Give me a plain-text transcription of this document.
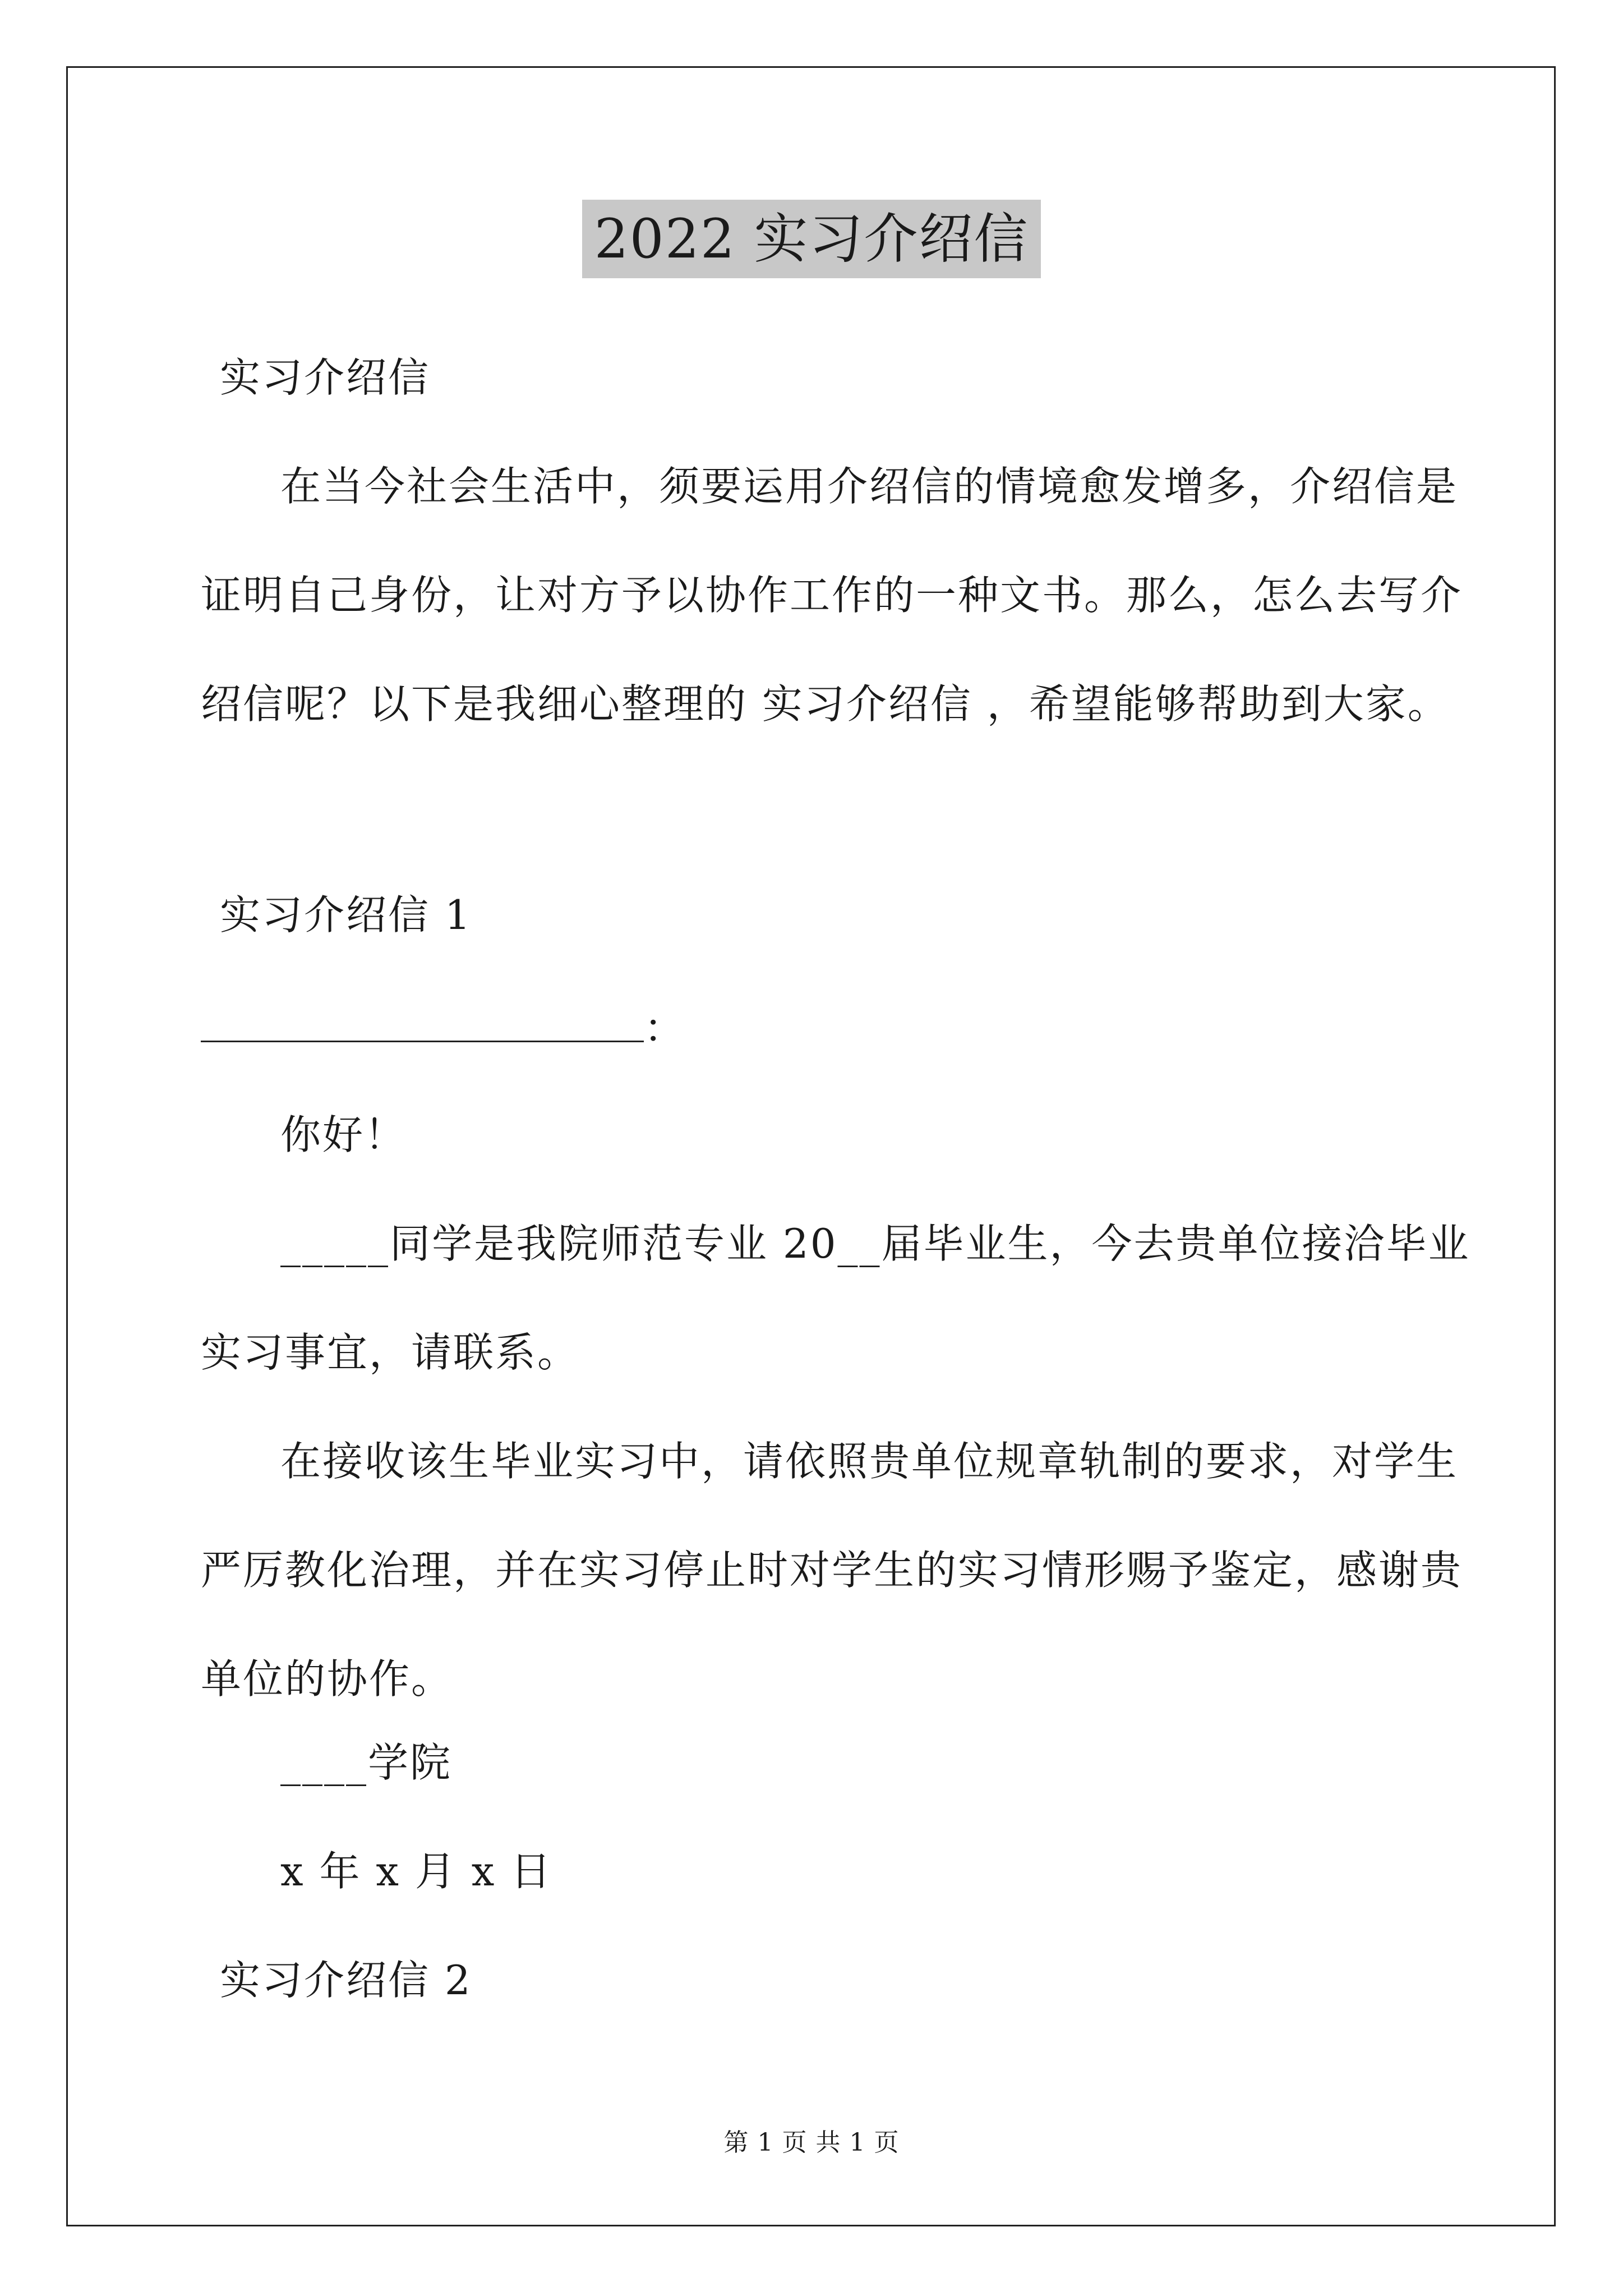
2022 实习介绍信
实习介绍信
在当今社会生活中，须要运用介绍信的情境愈发增多，介绍信是
证明自己身份，让对方予以协作工作的一种文书。那么，怎么去写介
绍信呢？以下是我细心整理的 实习介绍信 ，希望能够帮助到大家。
实习介绍信 1
：
你好！
_____同学是我院师范专业 20__届毕业生，今去贵单位接洽毕业
实习事宜，请联系。
在接收该生毕业实习中，请依照贵单位规章轨制的要求，对学生
严厉教化治理，并在实习停止时对学生的实习情形赐予鉴定，感谢贵
单位的协作。
____学院
x 年 x 月 x 日
实习介绍信 2
第 1 页 共 1 页
